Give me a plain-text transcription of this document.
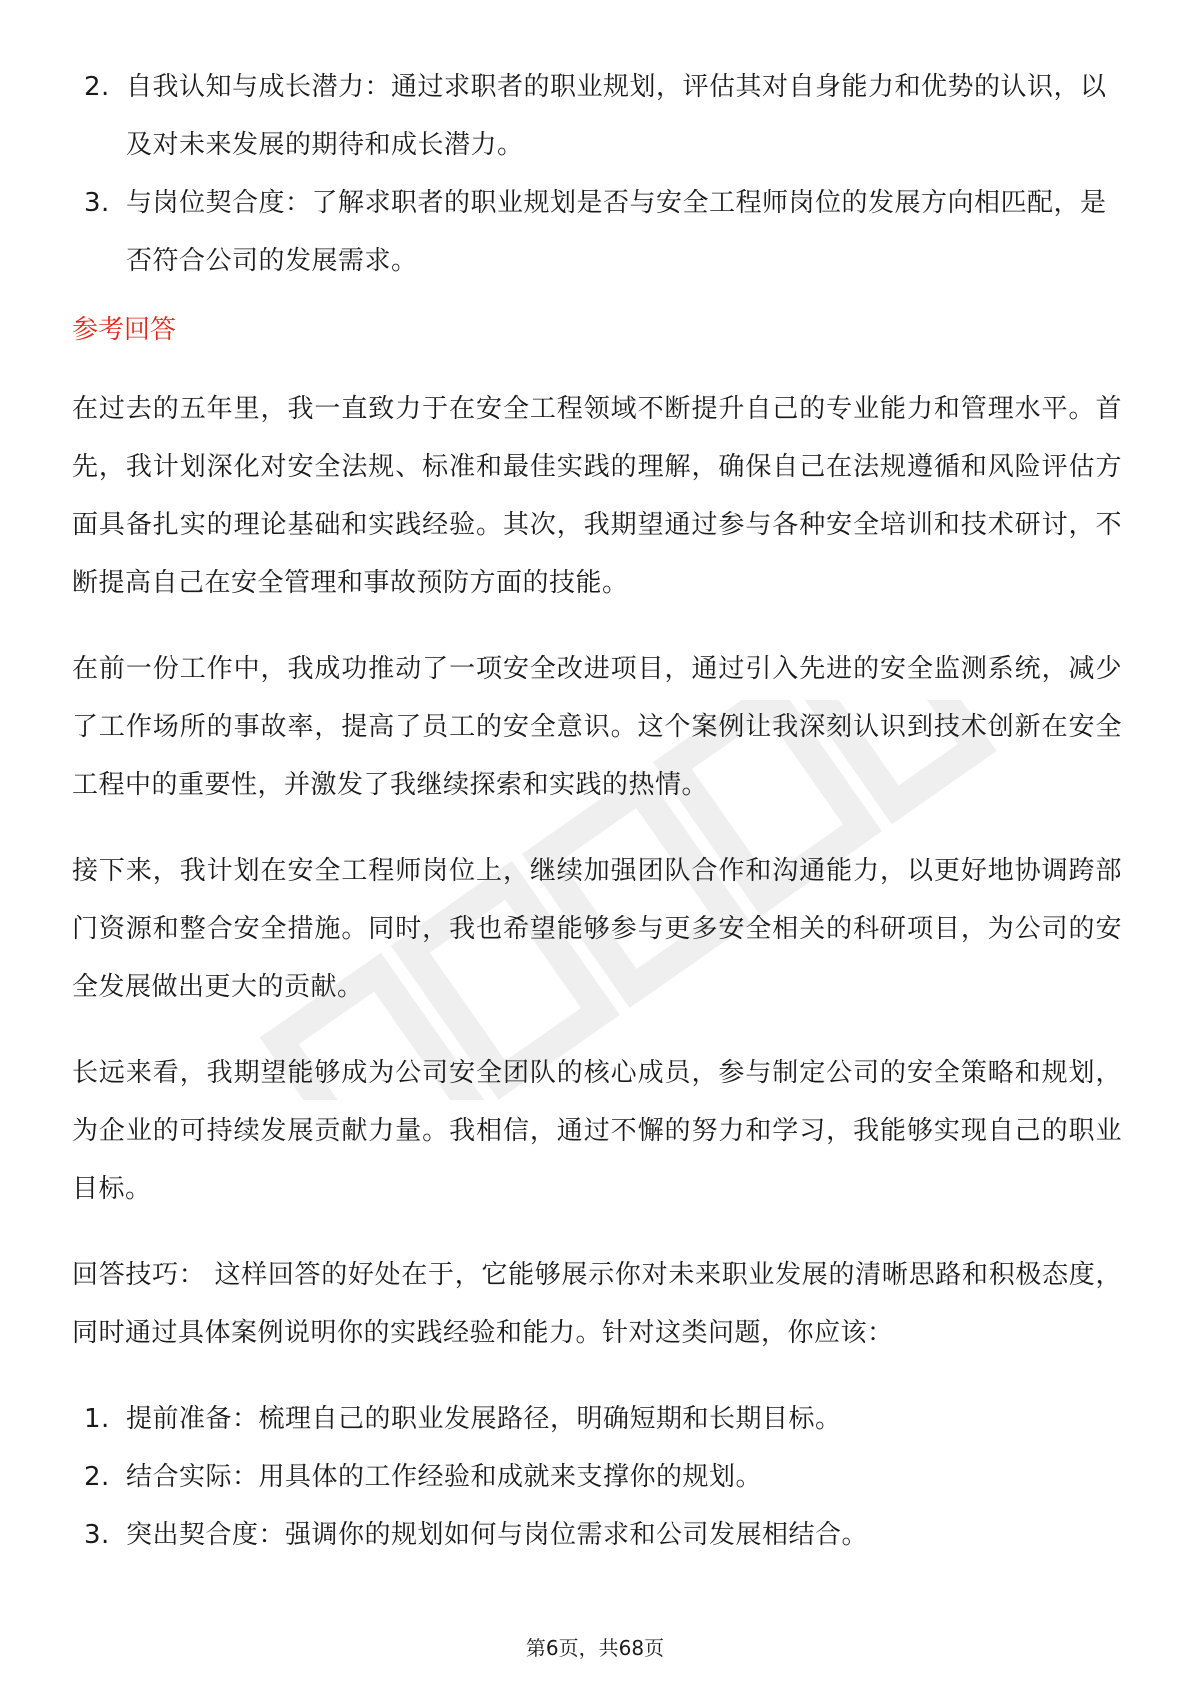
2. 自我认知与成长潜力：通过求职者的职业规划，评估其对自身能力和优势的认识，以及对未来发展的期待和成长潜力。
3. 与岗位契合度：了解求职者的职业规划是否与安全工程师岗位的发展方向相匹配，是否符合公司的发展需求。
参考回答

在过去的五年里，我一直致力于在安全工程领域不断提升自己的专业能力和管理水平。首先，我计划深化对安全法规、标准和最佳实践的理解，确保自己在法规遵循和风险评估方面具备扎实的理论基础和实践经验。其次，我期望通过参与各种安全培训和技术研讨，不断提高自己在安全管理和事故预防方面的技能。

在前一份工作中，我成功推动了一项安全改进项目，通过引入先进的安全监测系统，减少了工作场所的事故率，提高了员工的安全意识。这个案例让我深刻认识到技术创新在安全工程中的重要性，并激发了我继续探索和实践的热情。

接下来，我计划在安全工程师岗位上，继续加强团队合作和沟通能力，以更好地协调跨部门资源和整合安全措施。同时，我也希望能够参与更多安全相关的科研项目，为公司的安全发展做出更大的贡献。

长远来看，我期望能够成为公司安全团队的核心成员，参与制定公司的安全策略和规划，为企业的可持续发展贡献力量。我相信，通过不懈的努力和学习，我能够实现自己的职业目标。

回答技巧： 这样回答的好处在于，它能够展示你对未来职业发展的清晰思路和积极态度，同时通过具体案例说明你的实践经验和能力。针对这类问题，你应该：

1. 提前准备：梳理自己的职业发展路径，明确短期和长期目标。
2. 结合实际：用具体的工作经验和成就来支撑你的规划。
3. 突出契合度：强调你的规划如何与岗位需求和公司发展相结合。
第6页，共68页
